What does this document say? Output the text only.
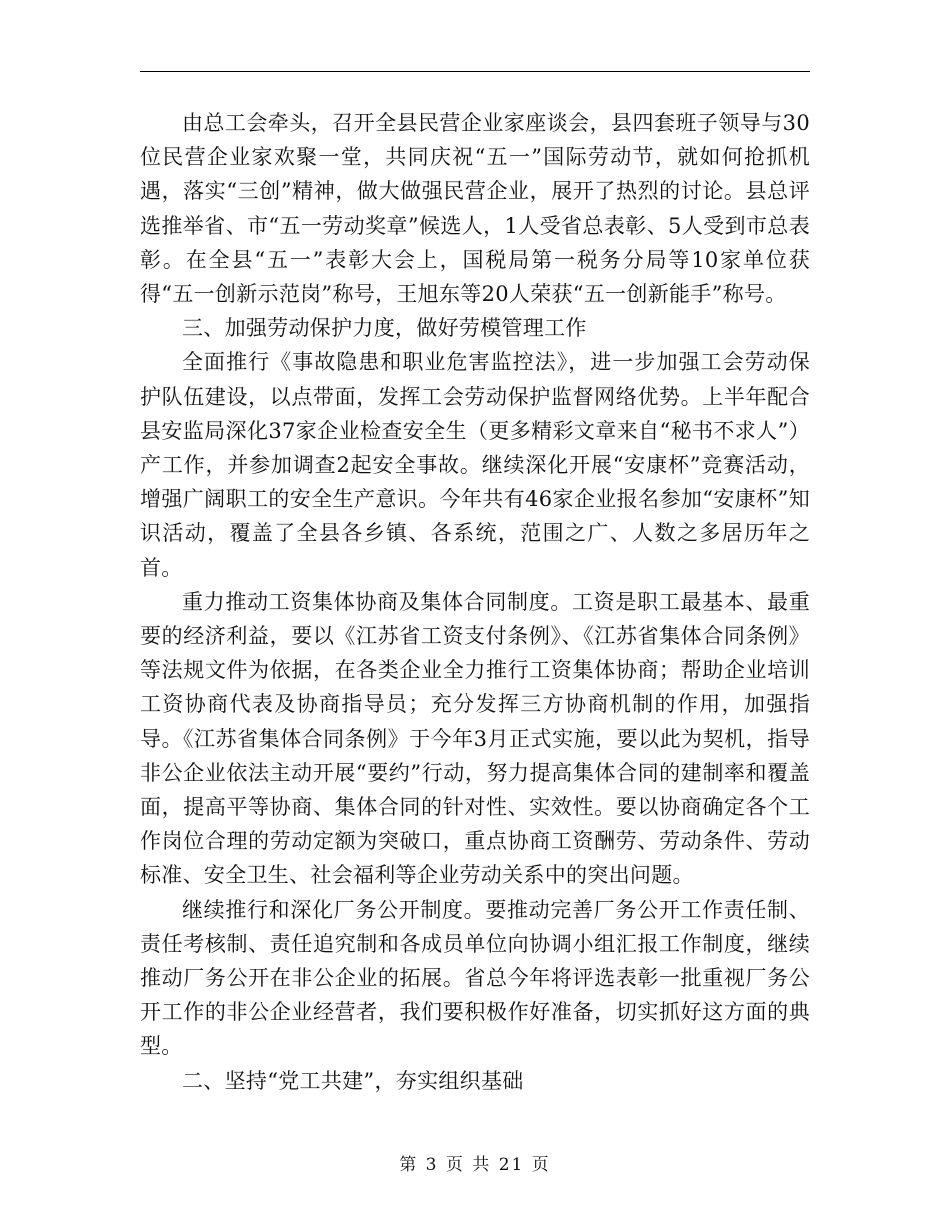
由总工会牵头，召开全县民营企业家座谈会，县四套班子领导与30位民营企业家欢聚一堂，共同庆祝“五一”国际劳动节，就如何抢抓机遇，落实“三创”精神，做大做强民营企业，展开了热烈的讨论。县总评选推举省、市“五一劳动奖章”候选人，1人受省总表彰、5人受到市总表彰。在全县“五一”表彰大会上，国税局第一税务分局等10家单位获得“五一创新示范岗”称号，王旭东等20人荣获“五一创新能手”称号。

三、加强劳动保护力度，做好劳模管理工作

全面推行《事故隐患和职业危害监控法》，进一步加强工会劳动保护队伍建设，以点带面，发挥工会劳动保护监督网络优势。上半年配合县安监局深化37家企业检查安全生（更多精彩文章来自“秘书不求人”）产工作，并参加调查2起安全事故。继续深化开展“安康杯”竞赛活动，增强广阔职工的安全生产意识。今年共有46家企业报名参加“安康杯”知识活动，覆盖了全县各乡镇、各系统，范围之广、人数之多居历年之首。

重力推动工资集体协商及集体合同制度。工资是职工最基本、最重要的经济利益，要以《江苏省工资支付条例》、《江苏省集体合同条例》等法规文件为依据，在各类企业全力推行工资集体协商；帮助企业培训工资协商代表及协商指导员；充分发挥三方协商机制的作用，加强指导。《江苏省集体合同条例》于今年3月正式实施，要以此为契机，指导非公企业依法主动开展“要约”行动，努力提高集体合同的建制率和覆盖面，提高平等协商、集体合同的针对性、实效性。要以协商确定各个工作岗位合理的劳动定额为突破口，重点协商工资酬劳、劳动条件、劳动标准、安全卫生、社会福利等企业劳动关系中的突出问题。

继续推行和深化厂务公开制度。要推动完善厂务公开工作责任制、责任考核制、责任追究制和各成员单位向协调小组汇报工作制度，继续推动厂务公开在非公企业的拓展。省总今年将评选表彰一批重视厂务公开工作的非公企业经营者，我们要积极作好准备，切实抓好这方面的典型。

二、坚持“党工共建”，夯实组织基础

第 3 页 共 21 页
